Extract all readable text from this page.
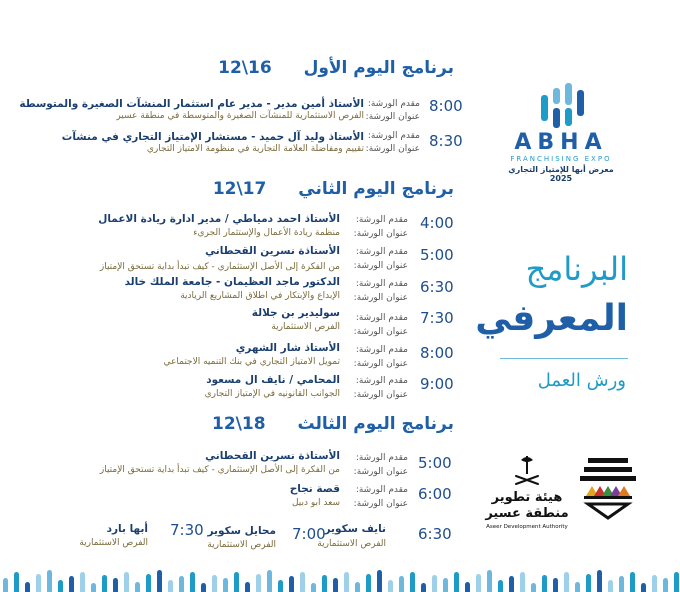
برنامج اليوم الأول 12\16
8:00
مقدم الورشة:
عنوان الورشة:
الأستاذ أمين مدير - مدير عام استثمار المنشآت الصغيرة والمتوسطة
الفرص الاستثمارية للمنشآت الصغيرة والمتوسطة في منطقة عسير
8:30
مقدم الورشة:
عنوان الورشة:
الأستاذ وليد آل حميد - مستشار الإمتياز التجاري في منشآت
تقييم ومفاضلة العلامة التجارية في منظومة الامتياز التجاري
برنامج اليوم الثاني 12\17
4:00
مقدم الورشة:
عنوان الورشة:
الأستاذ احمد دمياطي / مدير ادارة ريادة الاعمال
منظمة ريادة الأعمال والإستثمار الجريء
5:00
مقدم الورشة:
عنوان الورشة:
الأستاذة نسرين القحطاني
من الفكرة إلى الأصل الإستثماري - كيف تبدأ بداية تستحق الإمتياز
6:30
مقدم الورشة:
عنوان الورشة:
الدكتور ماجد العظيمان - جامعة الملك خالد
الإبداع والإبتكار في اطلاق المشاريع الريادية
7:30
مقدم الورشة:
عنوان الورشة:
سوليدير بن جلالة
الفرص الاستثمارية
8:00
مقدم الورشة:
عنوان الورشة:
الأستاذ شار الشهري
تمويل الامتياز التجاري في بنك التنميه الاجتماعي
9:00
مقدم الورشة:
عنوان الورشة:
المحامي / نايف ال مسعود
الجوانب القانونيه في الإمتياز التجاري
برنامج اليوم الثالث 12\18
5:00
مقدم الورشة:
عنوان الورشة:
الأستاذة نسرين القحطاني
من الفكرة إلى الأصل الإستثماري - كيف تبدأ بداية تستحق الإمتياز
6:00
مقدم الورشة:
عنوان الورشة:
قصة نجاح
سعد ابو دبيل
6:30
نايف سكوير
الفرص الاستثمارية
7:00
محايل سكوير
الفرص الاستثمارية
7:30
أبها بارد
الفرص الاستثمارية
ABHA
FRANCHISING EXPO
معرض أبها للإمتياز التجاري 2025
البرنامج
المعرفي
ورش العمل
هيئة تطوير
منطقة عسير
Aseer Development Authority
